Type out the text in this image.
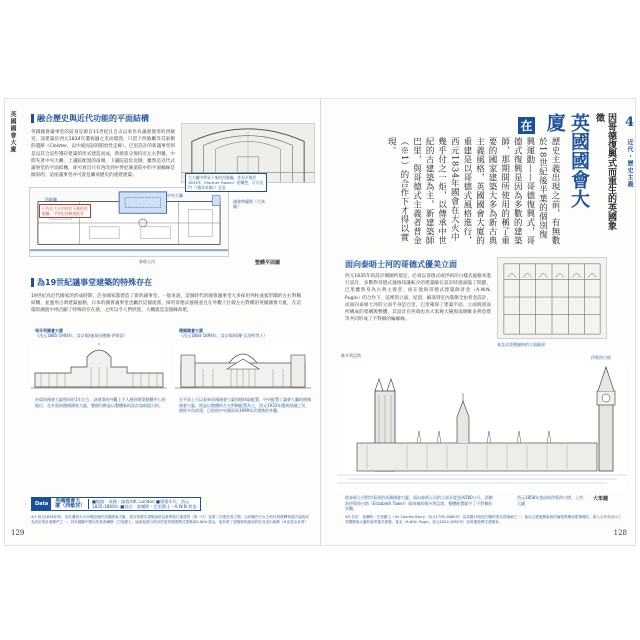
英國國會大廈	融合歷史與近代功能的平面結構
英國國會議事堂的前身是源自11世紀且自古以來作為議會使用的西敏宮，該建築於西元1834年遭祝融之災而燒毀，只留下西敏廳等其東側的遺跡（Cloister，以中庭而設的開放性走廊），巴里設計的新議事堂則是以其合這些殘存建築的形式建造而成，新建部分保持近左右對稱，中間夾著中央大廳，上議院配置的南側，下議院設於北側，雖然是近代式議事堂的平面結構，卻可看出只有西改到中世紀修道院中的平面軸線是傾斜的，這座議事堂亦可說是繼承歷史的重建建築。
只有在大火中倖存下來的西敏廳、中世紀的修道院等
西敏廳
左大廳中傳承下來的西敏廳，作為平衡於1834年（Harmer Haven）的構想，可可見門（"精英英國"）在設
中央大廳
國會時鐘塔（大笨鐘）
泰晤士河	整體平面圖
為19世紀議事堂建築的特殊存在
19世紀為近代國家的形成時期，許多國家都建造了新的議事堂，一般來說，這個時代的國會議事堂大多採用列柱或弧形牆的左右對稱結構，並運用古典建築風格，日本的國會議事堂也屬於這個流派，採用哥德式風格並且在外觀上打破左右對稱的英國國會大廈，在這樣的潮流中則凸顯了特殊的存在感，之所以令人們欣賞，大概就是這個緣故吧。
匈牙利國會大廈
（西元1885-1904年，設計師/施泰因德爾·伊姆雷）
德國國會大廈
（西元1884-1894年，設計師/保羅·瓦洛特等人）
宏偉的國會大廈相同於1年左右，該建築的外觀上令人感到建築整體中心的地位，在外面的德國國家大廈，整個均衡是以整體新的設計協助提示的。
在平面上可以看到英國國會大廈同樣採取配置，中央配置了議會大廳的德國國會大廈，則是以整體的左右對稱配置為主，西元1933年遭到祝融之災，歷經多次改建，目前的中央圓頂為1999年改建後的外觀。
Data	英國國會大廈（西敏宮）
■地點：英國・倫敦/UK, London ■建築年代：西元1835-1860年 ■設計：查爾斯・巴里爵士・A.W.N.普金
※1 西元1834年時，由於遭到大火所燒毀後的英國國會大廈，是以哥德式建築風格為基準進行重建的（第一次）及第二次建設者之間，以伊麗莎白女王時代的都鐸哥德式風格或為設計的計畫條件之一。設計競圖中勝出的是查爾斯・巴里爵士，協助他進行設計的是哥德復興式建築家A.W.N.普金，他負責了建築物的細部設計及室內裝飾（※由普金負責）
129
4
近代・歷史主義
因哥德復興式而重生的英國象徵
英國國會大廈
在
歷史主義出現之前，有無數於18世紀後半葉的個別復興運動——哥德復興式，哥德式復興是因為多數的建築師，那期間所使用的稱了重要的國家建築大多為新古典主義風格，英國國會大廈的重建是以哥德式風格進行，西元1834年國會在大火中幾乎付之一炬，以傳承中世紀的古建築為主，新建築師巴里，與哥德式主義者普金（※1）的合作下才得以實現。
面向泰晤士河的哥德式優美立面
西元1835年的設計競圖所規定，必須以哥德式或伊莉莎白樣式風格來進行設計，多數對哥德式風格知識較少的建築師在設計時就面臨了問題，巴里雖然身為古典主義者，而在他與哥德式建築師普金（A.W.N. Pugin）的合作下，這裡的立面、屋頂、細部到室內裝飾全由普金設計，而面向泰晤士河的立面半身是巴里，巴里確保了建築平面、立面與剖面所構成的架構與整體，其設計在西端也為大笨鐘大鐘與南側維多利亞塔等共同形成了不對稱的輪廓線。
垂直式哥德風格的立面細部
維多利亞塔	伊莉莎白塔
從泰晤士河對岸看到的英國國會大廈。面向泰晤士河的立面長度達到280公尺，西側的伊莉莎白塔（Elizabeth Tower）與南端的維多利亞塔，整體配置賦予了不對稱的外觀。
西元1858年落成的伊莉莎白塔，上有大鐘
大笨鐘
※2 位於：查爾斯・巴里爵士（Sir Charles Barry，西元1795-1860年）為英國19世紀初期的著名建築師之一，他以文藝復興風格的倫敦俱樂部建築聞名，兩人合作設計出了英國國會大廈的新哥德式建築。普金（A.W.N. Pugin，西元1812-1852年）為哥德復興式建築家。
128
